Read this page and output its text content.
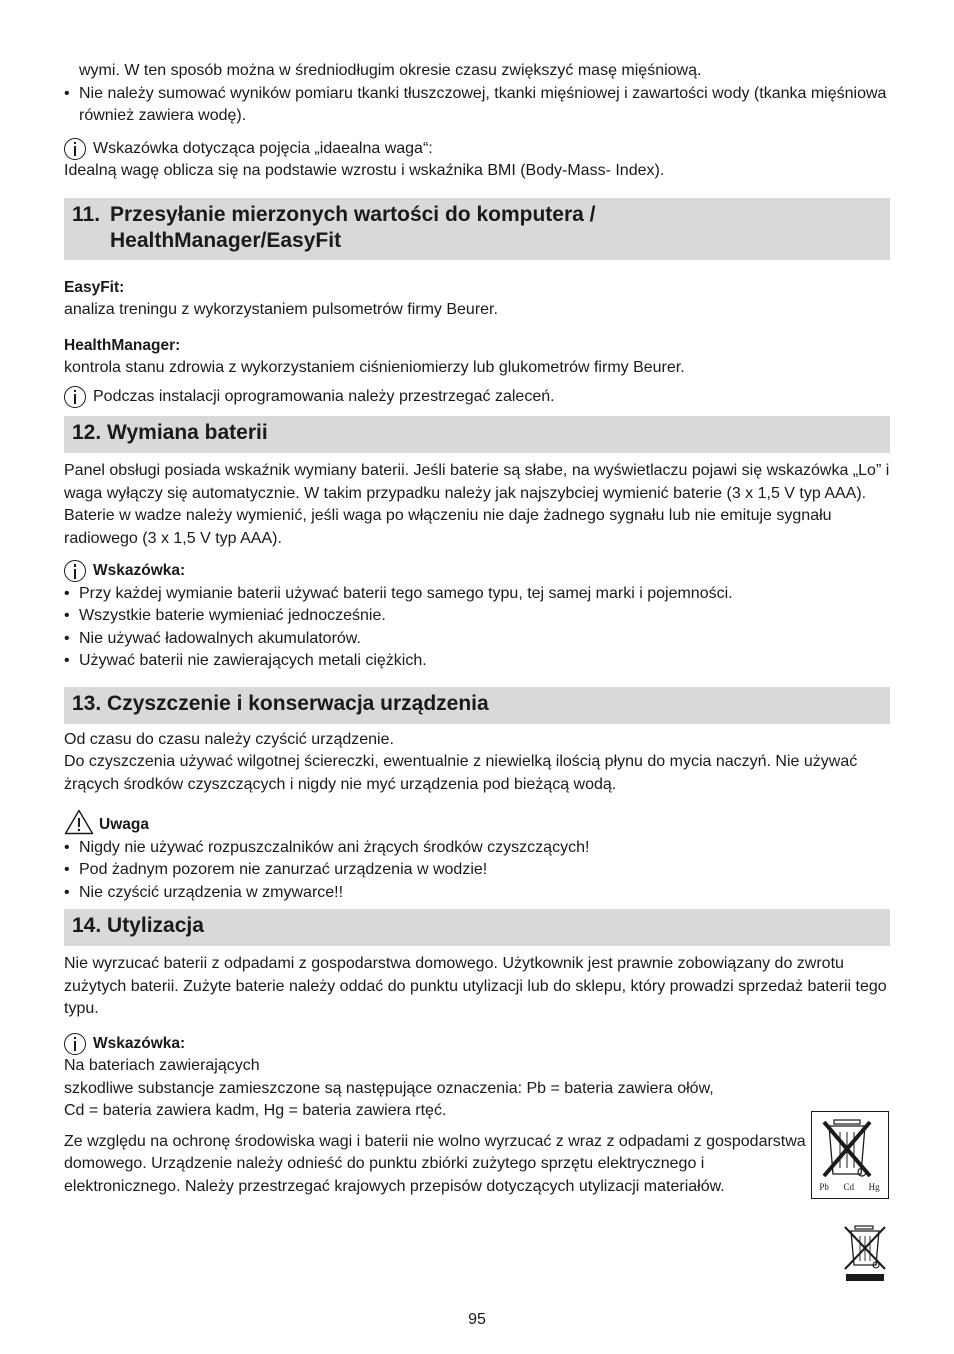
wymi. W ten sposób można w średniodługim okresie czasu zwiększyć masę mięśniową.

• Nie należy sumować wyników pomiaru tkanki tłuszczowej, tkanki mięśniowej i zawartości wody (tkanka mięśniowa również zawiera wodę).

Wskazówka dotycząca pojęcia „idaealna waga“:

Idealną wagę oblicza się na podstawie wzrostu i wskaźnika BMI (Body-Mass- Index).

11. Przesyłanie mierzonych wartości do komputera /
HealthManager/EasyFit

EasyFit:

analiza treningu z wykorzystaniem pulsometrów firmy Beurer.

HealthManager:

kontrola stanu zdrowia z wykorzystaniem ciśnieniomierzy lub glukometrów firmy Beurer.

Podczas instalacji oprogramowania należy przestrzegać zaleceń.
12. Wymiana baterii

Panel obsługi posiada wskaźnik wymiany baterii. Jeśli baterie są słabe, na wyświetlaczu pojawi się wskazówka „Lo” i waga wyłączy się automatycznie. W takim przypadku należy jak najszybciej wymienić baterie (3 x 1,5 V typ AAA). Baterie w wadze należy wymienić, jeśli waga po włączeniu nie daje żadnego sygnału lub nie emituje sygnału radiowego (3 x 1,5 V typ AAA).

Wskazówka:

• Przy każdej wymianie baterii używać baterii tego samego typu, tej samej marki i pojemności.

• Wszystkie baterie wymieniać jednocześnie.

• Nie używać ładowalnych akumulatorów.

• Używać baterii nie zawierających metali ciężkich.

13. Czyszczenie i konserwacja urządzenia

Od czasu do czasu należy czyścić urządzenie.

Do czyszczenia używać wilgotnej ściereczki, ewentualnie z niewielką ilością płynu do mycia naczyń. Nie używać żrących środków czyszczących i nigdy nie myć urządzenia pod bieżącą wodą.

Uwaga

• Nigdy nie używać rozpuszczalników ani żrących środków czyszczących!

• Pod żadnym pozorem nie zanurzać urządzenia w wodzie!

• Nie czyścić urządzenia w zmywarce!!

14. Utylizacja

Nie wyrzucać baterii z odpadami z gospodarstwa domowego. Użytkownik jest prawnie zobowiązany do zwrotu zużytych baterii. Zużyte baterie należy oddać do punktu utylizacji lub do sklepu, który prowadzi sprzedaż baterii tego typu.

Wskazówka:

Na bateriach zawierających

szkodliwe substancje zamieszczone są następujące oznaczenia: Pb = bateria zawiera ołów,

Cd = bateria zawiera kadm, Hg = bateria zawiera rtęć.

Ze względu na ochronę środowiska wagi i baterii nie wolno wyrzucać z wraz z odpadami z gospodarstwa domowego. Urządzenie należy odnieść do punktu zbiórki zużytego sprzętu elektrycznego i elektronicznego. Należy przestrzegać krajowych przepisów dotyczących utylizacji materiałów.	Pb Cd Hg
95
